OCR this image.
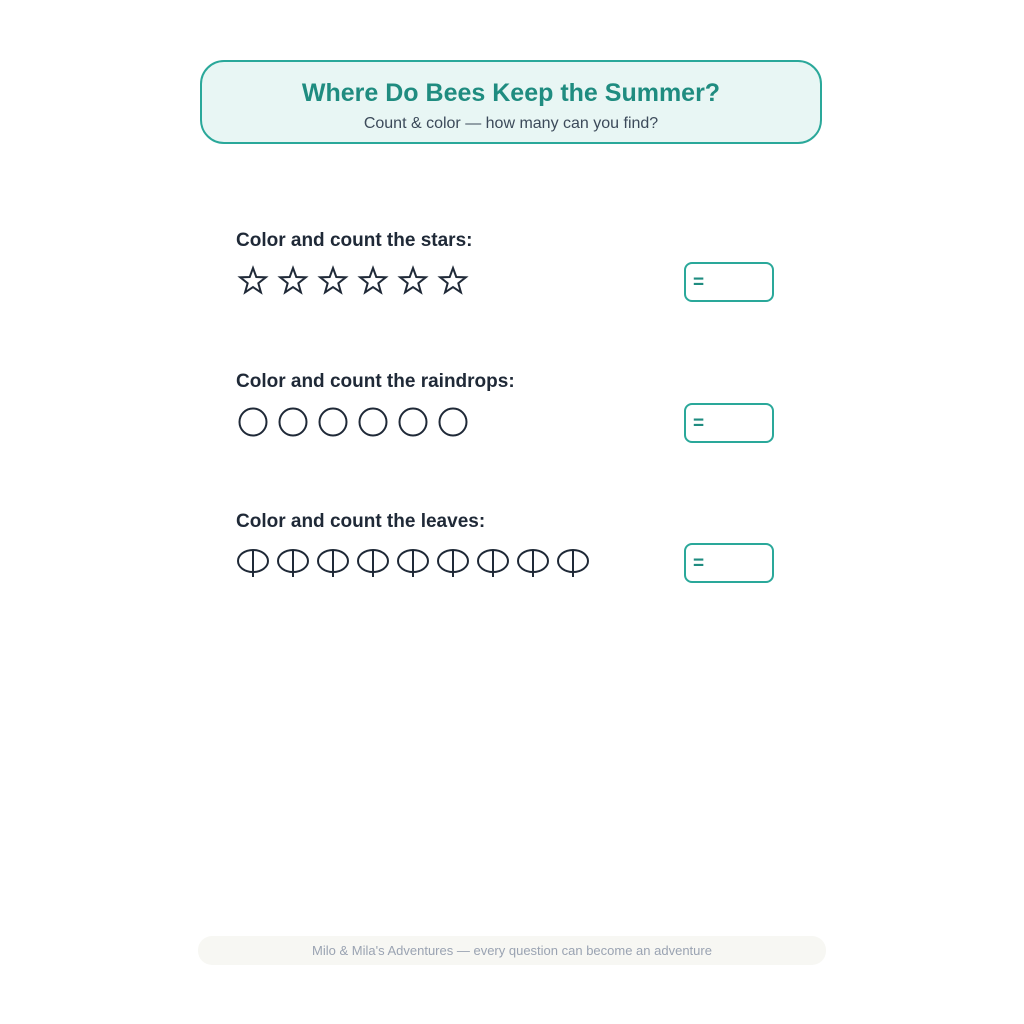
Where Do Bees Keep the Summer?
Count & color — how many can you find?
Color and count the stars:
=
Color and count the raindrops:
=
Color and count the leaves:
=
Milo & Mila's Adventures — every question can become an adventure
